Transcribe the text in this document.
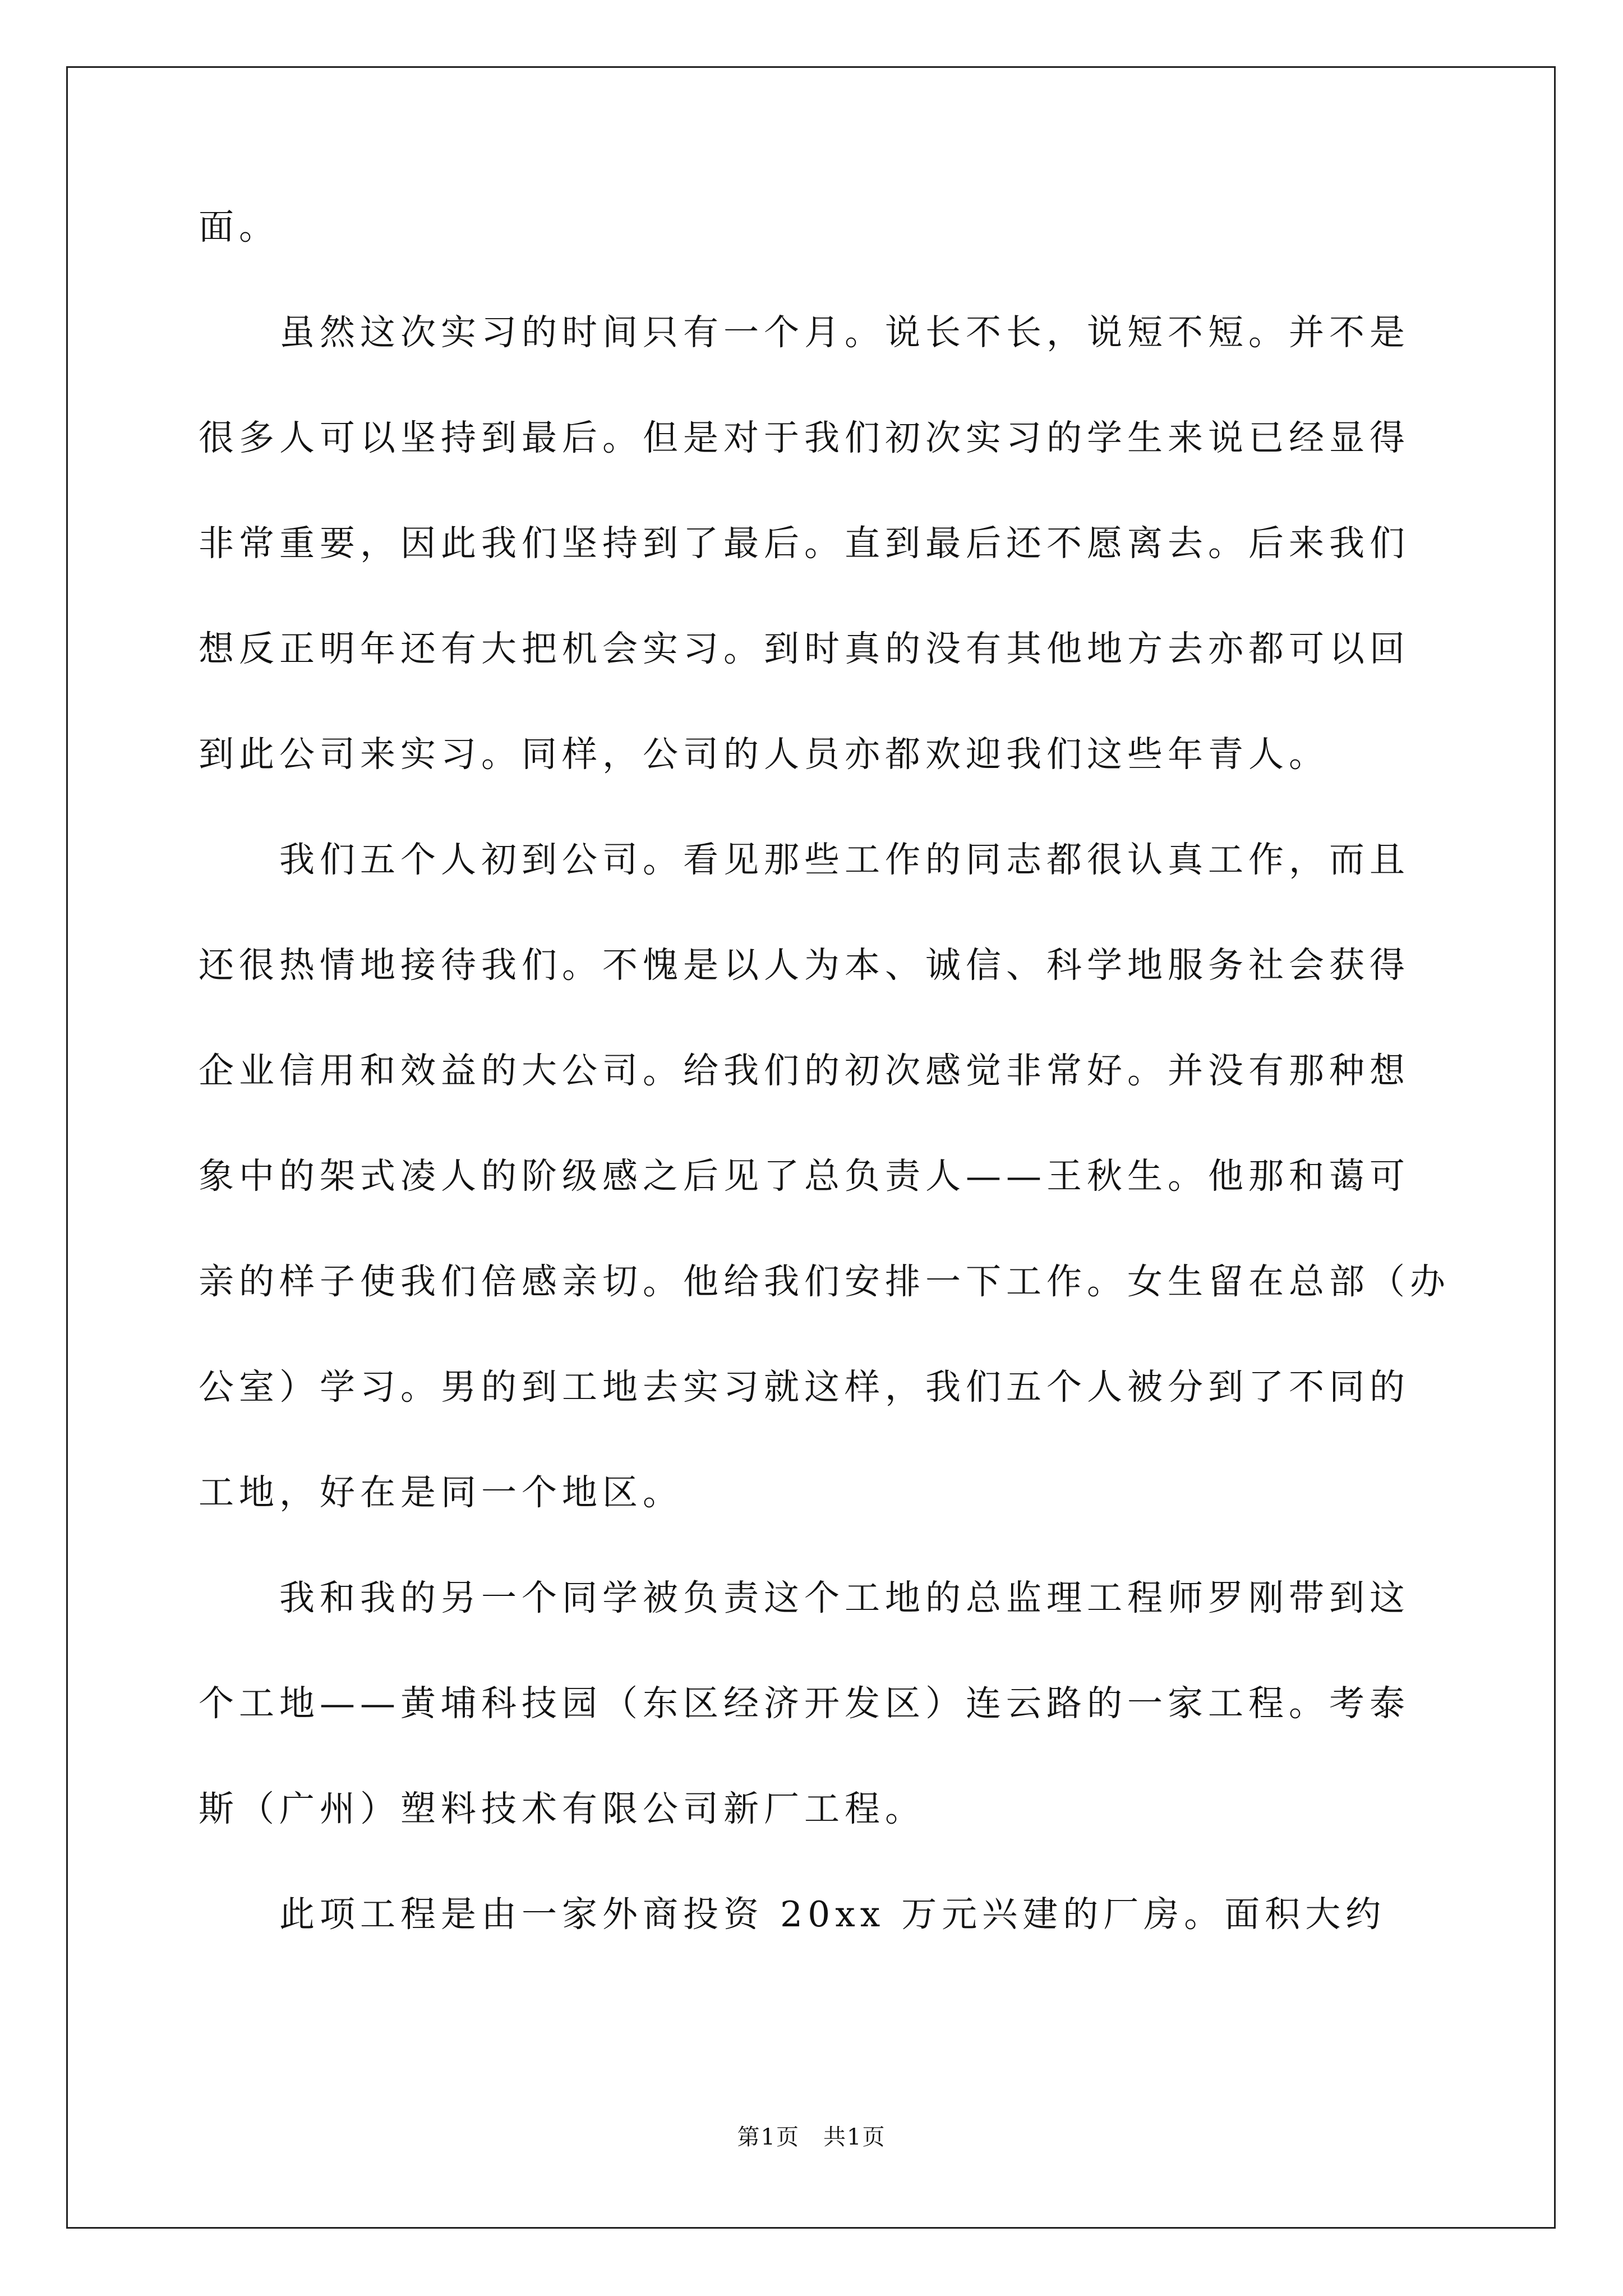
面。
虽然这次实习的时间只有一个月。说长不长，说短不短。并不是
很多人可以坚持到最后。但是对于我们初次实习的学生来说已经显得
非常重要，因此我们坚持到了最后。直到最后还不愿离去。后来我们
想反正明年还有大把机会实习。到时真的没有其他地方去亦都可以回
到此公司来实习。同样，公司的人员亦都欢迎我们这些年青人。
我们五个人初到公司。看见那些工作的同志都很认真工作，而且
还很热情地接待我们。不愧是以人为本、诚信、科学地服务社会获得
企业信用和效益的大公司。给我们的初次感觉非常好。并没有那种想
象中的架式凌人的阶级感之后见了总负责人——王秋生。他那和蔼可
亲的样子使我们倍感亲切。他给我们安排一下工作。女生留在总部（办
公室）学习。男的到工地去实习就这样，我们五个人被分到了不同的
工地，好在是同一个地区。
我和我的另一个同学被负责这个工地的总监理工程师罗刚带到这
个工地——黄埔科技园（东区经济开发区）连云路的一家工程。考泰
斯（广州）塑料技术有限公司新厂工程。
此项工程是由一家外商投资 20xx 万元兴建的厂房。面积大约
第1页　共1页
